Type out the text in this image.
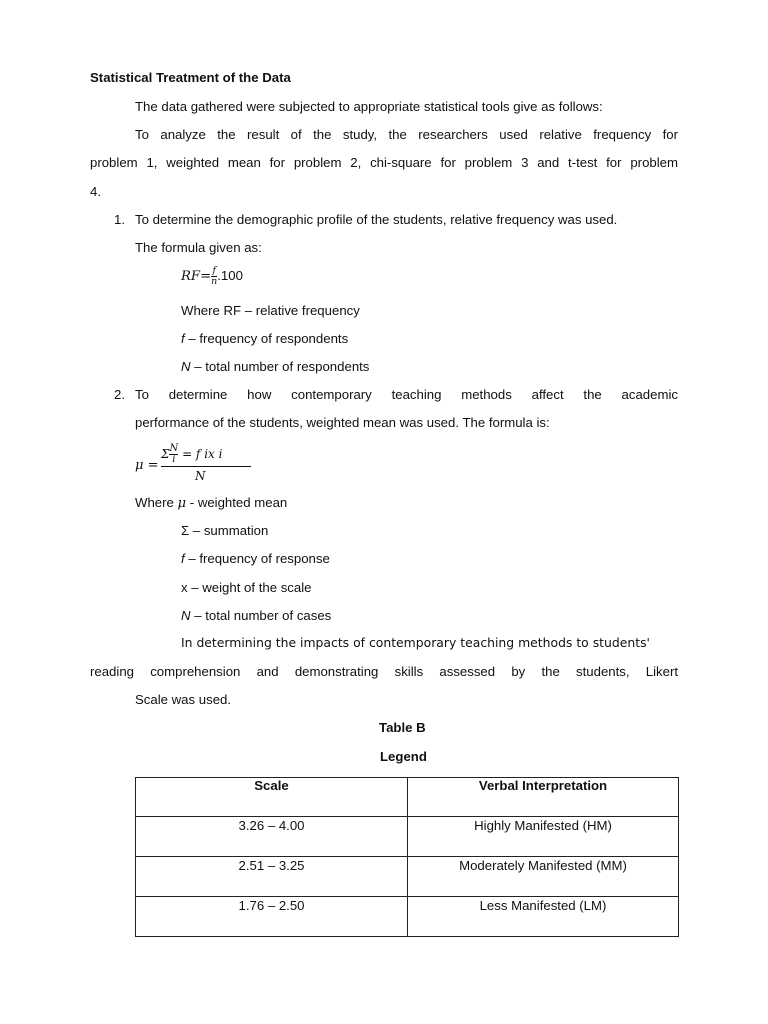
Statistical Treatment of the Data
The data gathered were subjected to appropriate statistical tools give as follows:
To analyze the result of the study, the researchers used relative frequency for
problem 1, weighted mean for problem 2, chi-square for problem 3 and t-test for problem
4.
1. To determine the demographic profile of the students, relative frequency was used.
The formula given as:
$RF= \frac{f}{n} .100$
Where RF – relative frequency
f – frequency of respondents
N – total number of respondents
2. To determine how contemporary teaching methods affect the academic
performance of the students, weighted mean was used. The formula is:
μ =
Σ $\frac{N}{i} = f$ ix i
N
Where μ - weighted mean
Σ – summation
f – frequency of response
x – weight of the scale
N – total number of cases
In determining the impacts of contemporary teaching methods to students'
reading comprehension and demonstrating skills assessed by the students, Likert
Scale was used.
Table B
Legend
Scale	Verbal Interpretation
3.26 – 4.00	Highly Manifested (HM)
2.51 – 3.25	Moderately Manifested (MM)
1.76 – 2.50	Less Manifested (LM)
